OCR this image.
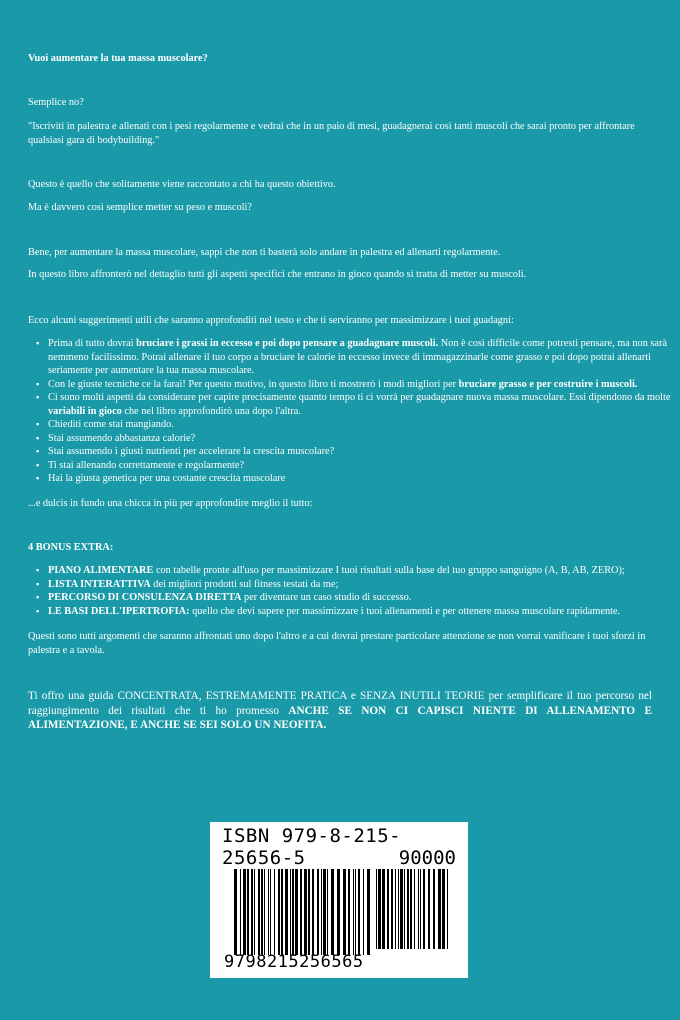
Vuoi aumentare la tua massa muscolare?

Semplice no?

"Iscriviti in palestra e allenati con i pesi regolarmente e vedrai che in un paio di mesi, guadagnerai così tanti muscoli che sarai pronto per affrontare qualsiasi gara di bodybuilding."

Questo è quello che solitamente viene raccontato a chi ha questo obiettivo.

Ma è davvero così semplice metter su peso e muscoli?

Bene, per aumentare la massa muscolare, sappi che non ti basterà solo andare in palestra ed allenarti regolarmente.

In questo libro affronterò nel dettaglio tutti gli aspetti specifici che entrano in gioco quando si tratta di metter su muscoli.

Ecco alcuni suggerimenti utili che saranno approfonditi nel testo e che ti serviranno per massimizzare i tuoi guadagni:

▪ Prima di tutto dovrai bruciare i grassi in eccesso e poi dopo pensare a guadagnare muscoli. Non è così difficile come potresti pensare, ma non sarà nemmeno facilissimo. Potrai allenare il tuo corpo a bruciare le calorie in eccesso invece di immagazzinarle come grasso e poi dopo potrai allenarti seriamente per aumentare la tua massa muscolare.
▪ Con le giuste tecniche ce la farai! Per questo motivo, in questo libro ti mostrerò i modi migliori per bruciare grasso e per costruire i muscoli.
▪ Ci sono molti aspetti da considerare per capire precisamente quanto tempo ti ci vorrà per guadagnare nuova massa muscolare. Essi dipendono da molte variabili in gioco che nel libro approfondirò una dopo l'altra.
▪ Chiediti come stai mangiando.
▪ Stai assumendo abbastanza calorie?
▪ Stai assumendo i giusti nutrienti per accelerare la crescita muscolare?
▪ Ti stai allenando correttamente e regolarmente?
▪ Hai la giusta genetica per una costante crescita muscolare

...e dulcis in fundo una chicca in più per approfondire meglio il tutto:

4 BONUS EXTRA:

▪ PIANO ALIMENTARE con tabelle pronte all'uso per massimizzare I tuoi risultati sulla base del tuo gruppo sanguigno (A, B, AB, ZERO);
▪ LISTA INTERATTIVA dei migliori prodotti sul fitness testati da me;
▪ PERCORSO DI CONSULENZA DIRETTA per diventare un caso studio di successo.
▪ LE BASI DELL'IPERTROFIA: quello che devi sapere per massimizzare i tuoi allenamenti e per ottenere massa muscolare rapidamente.

Questi sono tutti argomenti che saranno affrontati uno dopo l'altro e a cui dovrai prestare particolare attenzione se non vorrai vanificare i tuoi sforzi in palestra e a tavola.

Ti offro una guida CONCENTRATA, ESTREMAMENTE PRATICA e SENZA INUTILI TEORIE per semplificare il tuo percorso nel raggiungimento dei risultati che ti ho promesso ANCHE SE NON CI CAPISCI NIENTE DI ALLENAMENTO E ALIMENTAZIONE, E ANCHE SE SEI SOLO UN NEOFITA.

ISBN 979-8-215-25656-5	90000
9798215256565
